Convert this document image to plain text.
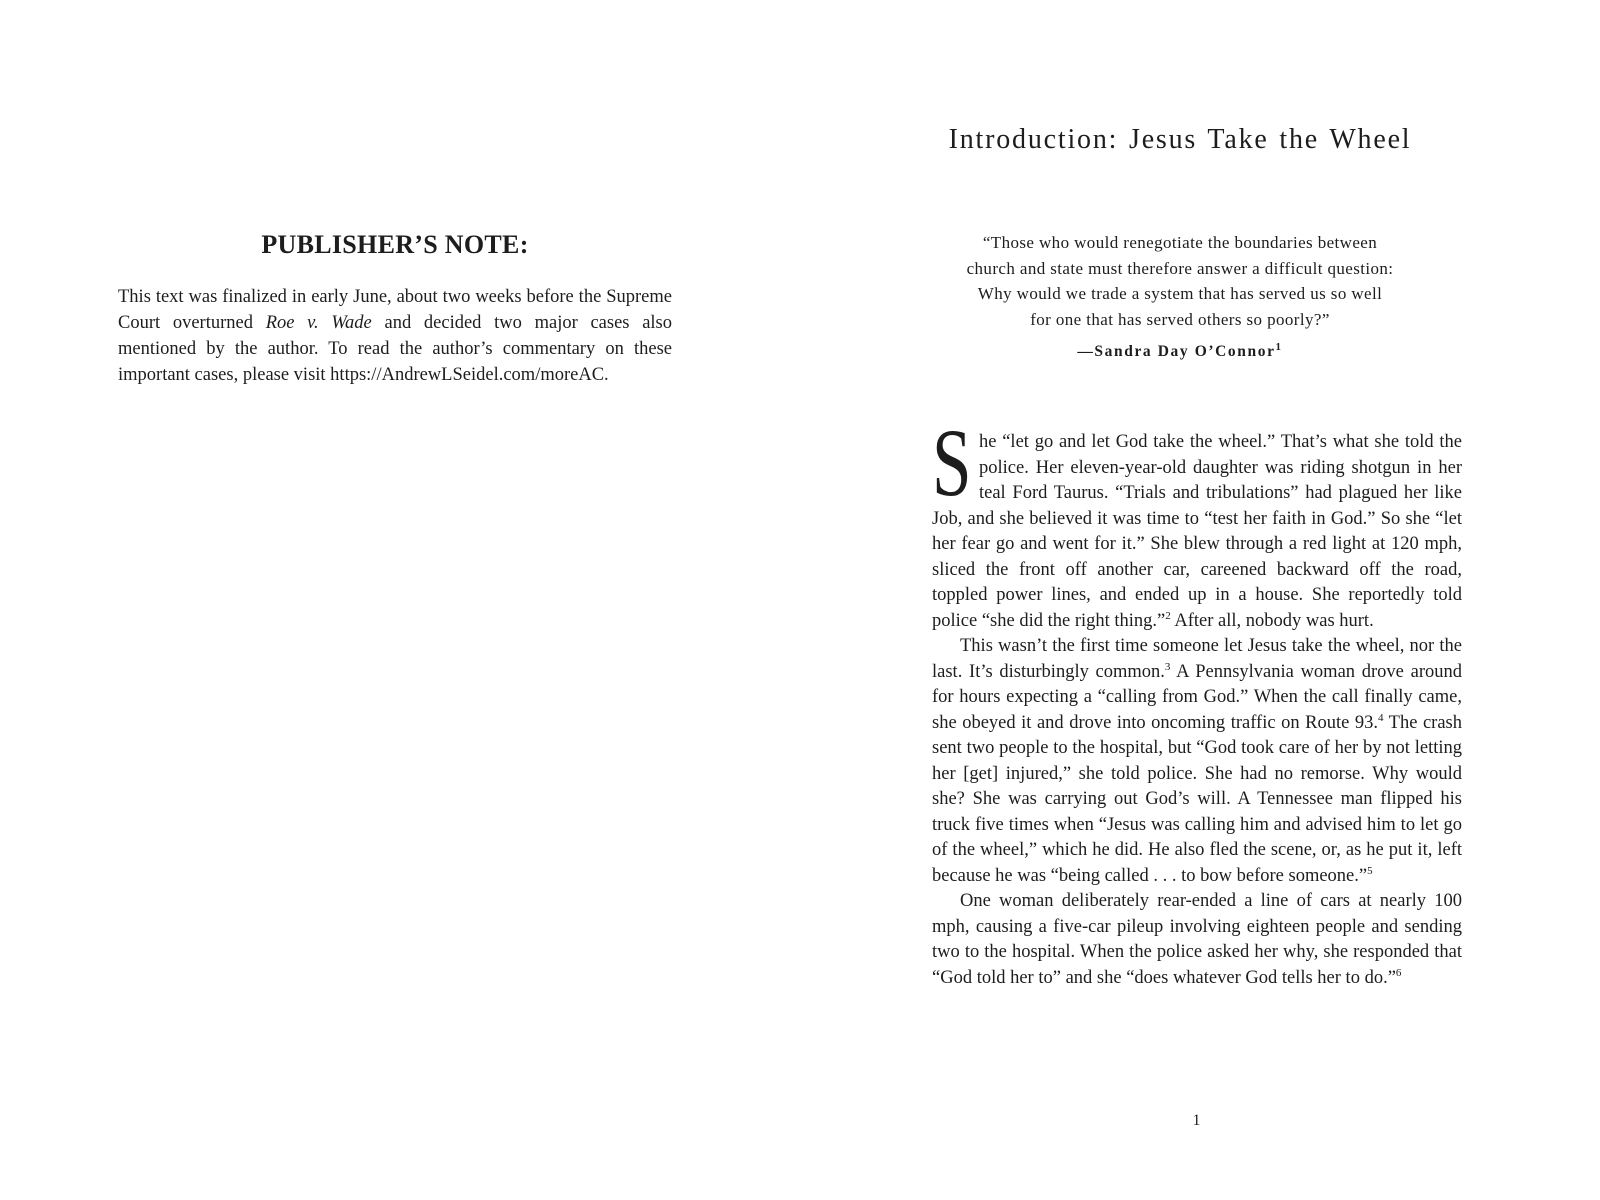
PUBLISHER’S NOTE:

This text was finalized in early June, about two weeks before the Supreme Court overturned Roe v. Wade and decided two major cases also mentioned by the author. To read the author’s commentary on these important cases, please visit https://AndrewLSeidel.com/moreAC.

Introduction: Jesus Take the Wheel
“Those who would renegotiate the boundaries between
church and state must therefore answer a difficult question:
Why would we trade a system that has served us so well
for one that has served others so poorly?”
—Sandra Day O’Connor$^1$

She “let go and let God take the wheel.” That’s what she told the police. Her eleven-year-old daughter was riding shotgun in her teal Ford Taurus. “Trials and tribulations” had plagued her like Job, and she believed it was time to “test her faith in God.” So she “let her fear go and went for it.” She blew through a red light at 120 mph, sliced the front off another car, careened backward off the road, toppled power lines, and ended up in a house. She reportedly told police “she did the right thing.”$^2$ After all, nobody was hurt.

This wasn’t the first time someone let Jesus take the wheel, nor the last. It’s disturbingly common.$^3$ A Pennsylvania woman drove around for hours expecting a “calling from God.” When the call finally came, she obeyed it and drove into oncoming traffic on Route 93.$^4$ The crash sent two people to the hospital, but “God took care of her by not letting her [get] injured,” she told police. She had no remorse. Why would she? She was carrying out God’s will. A Tennessee man flipped his truck five times when “Jesus was calling him and advised him to let go of the wheel,” which he did. He also fled the scene, or, as he put it, left because he was “being called . . . to bow before someone.”$^5$

One woman deliberately rear-ended a line of cars at nearly 100 mph, causing a five-car pileup involving eighteen people and sending two to the hospital. When the police asked her why, she responded that “God told her to” and she “does whatever God tells her to do.”$^6$

1
